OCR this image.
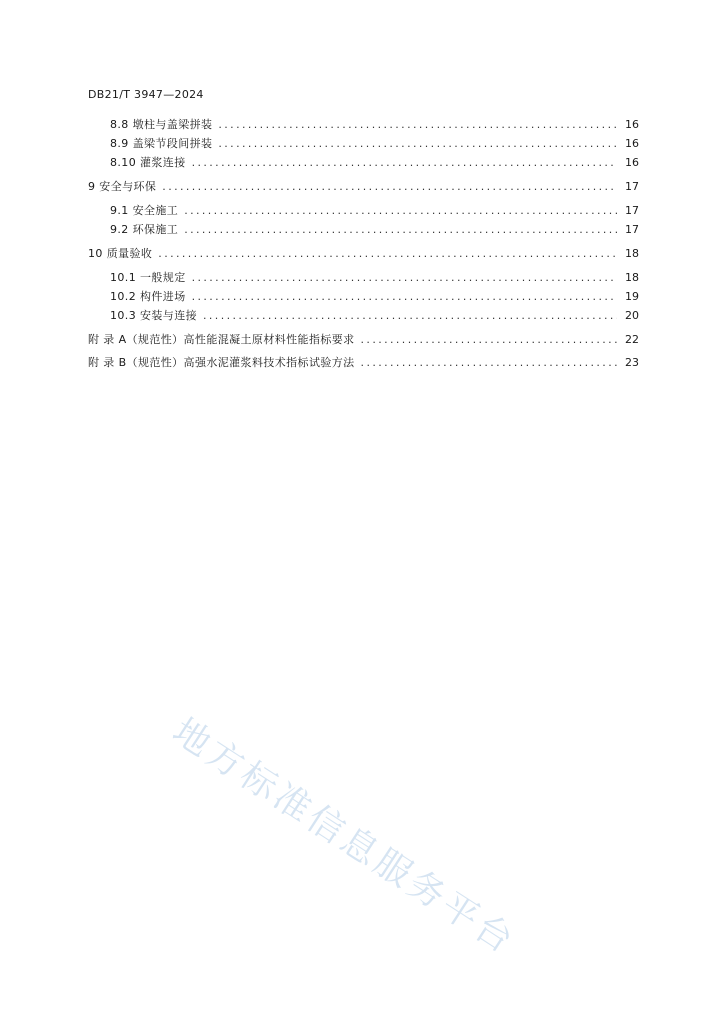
DB21/T 3947—2024
8.8 墩柱与盖梁拼装 .....	16
8.9 盖梁节段间拼装 .....	16
8.10 灌浆连接 .....	16
9 安全与环保 .....	17
9.1 安全施工 .....	17
9.2 环保施工 .....	17
10 质量验收 .....	18
10.1 一般规定 .....	18
10.2 构件进场 .....	19
10.3 安装与连接 .....	20
附 录 A（规范性）高性能混凝土原材料性能指标要求 .....	22
附 录 B（规范性）高强水泥灌浆料技术指标试验方法 .....	23
地方标准信息服务平台
